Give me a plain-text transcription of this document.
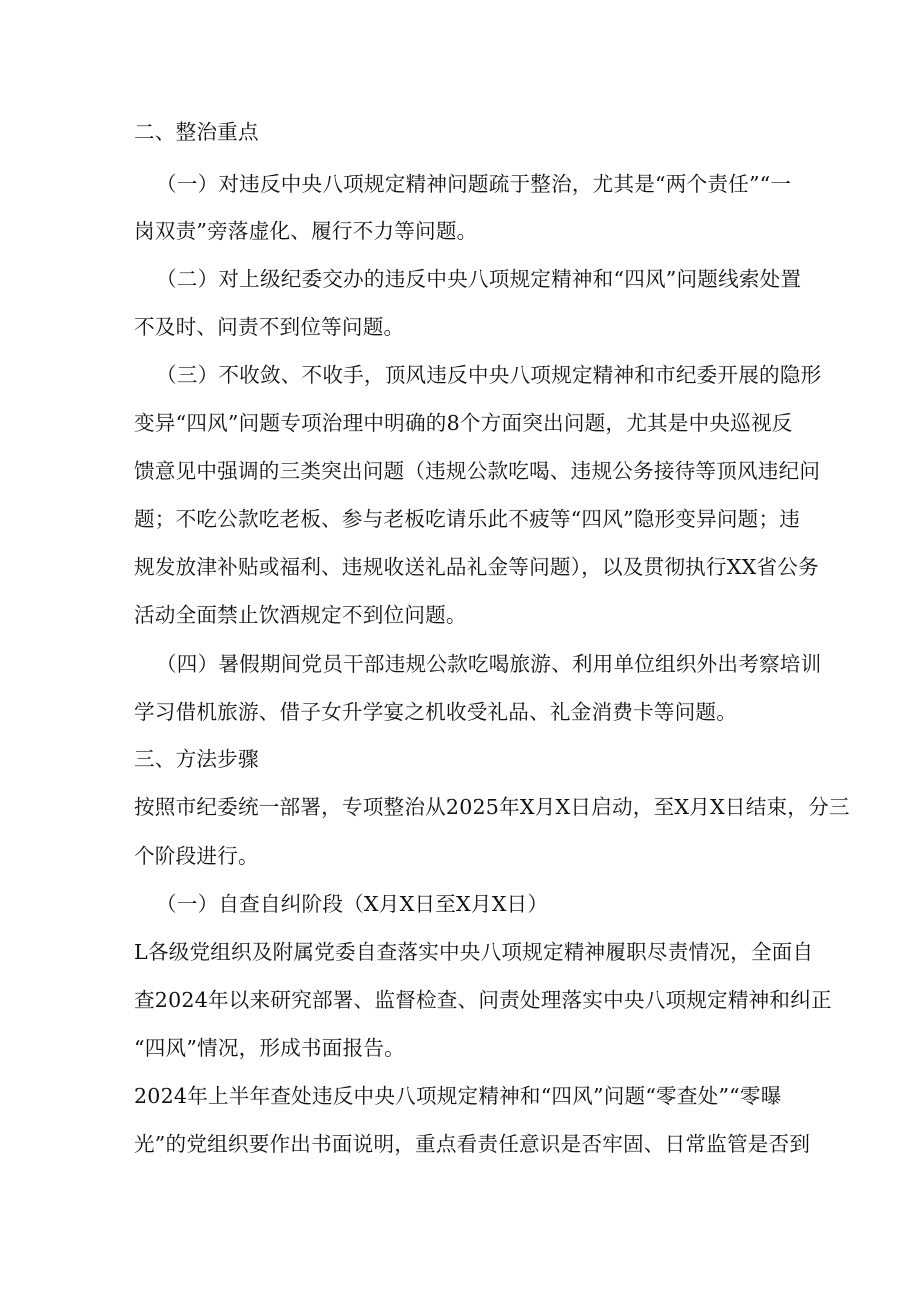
二、整治重点
（一）对违反中央八项规定精神问题疏于整治，尤其是“两个责任”“一
岗双责”旁落虚化、履行不力等问题。
（二）对上级纪委交办的违反中央八项规定精神和“四风”问题线索处置
不及时、问责不到位等问题。
（三）不收敛、不收手，顶风违反中央八项规定精神和市纪委开展的隐形
变异“四风”问题专项治理中明确的8个方面突出问题，尤其是中央巡视反
馈意见中强调的三类突出问题（违规公款吃喝、违规公务接待等顶风违纪问
题；不吃公款吃老板、参与老板吃请乐此不疲等“四风”隐形变异问题；违
规发放津补贴或福利、违规收送礼品礼金等问题），以及贯彻执行XX省公务
活动全面禁止饮酒规定不到位问题。
（四）暑假期间党员干部违规公款吃喝旅游、利用单位组织外出考察培训
学习借机旅游、借子女升学宴之机收受礼品、礼金消费卡等问题。
三、方法步骤
按照市纪委统一部署，专项整治从2025年X月X日启动，至X月X日结束，分三
个阶段进行。
（一）自查自纠阶段（X月X日至X月X日）
L各级党组织及附属党委自查落实中央八项规定精神履职尽责情况，全面自
查2024年以来研究部署、监督检查、问责处理落实中央八项规定精神和纠正
“四风”情况，形成书面报告。
2024年上半年查处违反中央八项规定精神和“四风”问题“零查处”“零曝
光”的党组织要作出书面说明，重点看责任意识是否牢固、日常监管是否到
